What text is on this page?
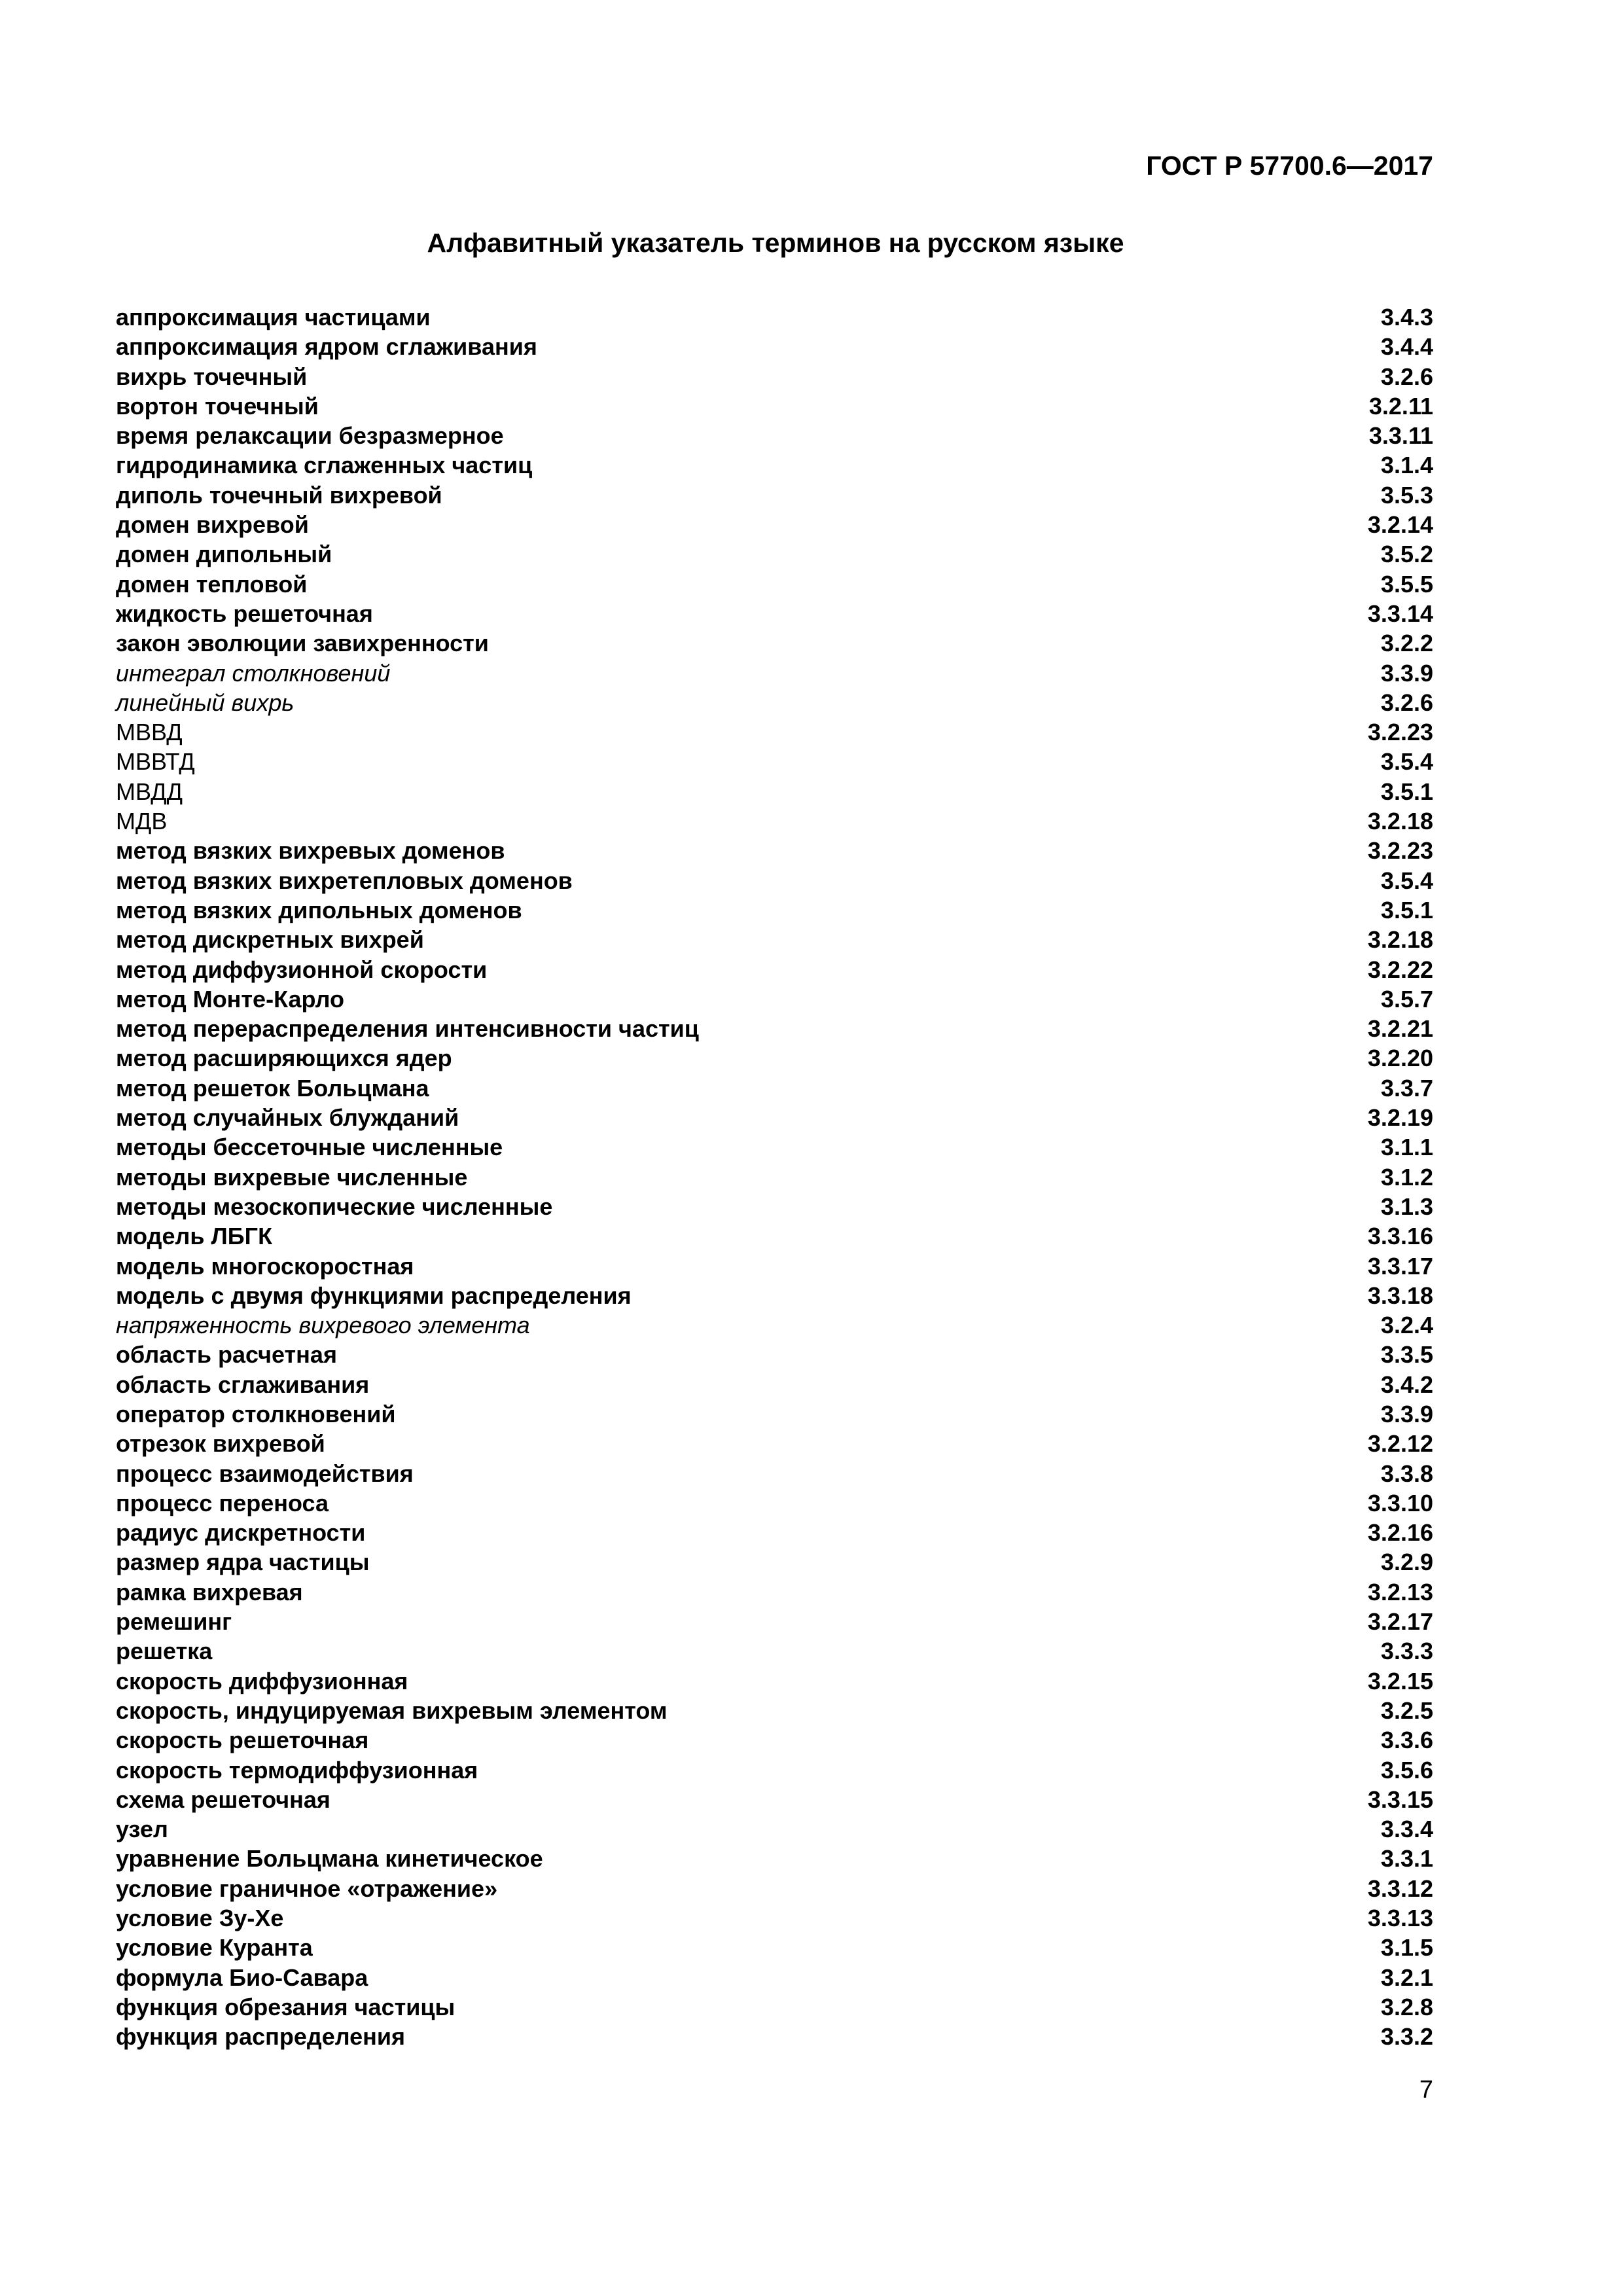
ГОСТ Р 57700.6—2017
Алфавитный указатель терминов на русском языке
аппроксимация частицами	3.4.3
аппроксимация ядром сглаживания	3.4.4
вихрь точечный	3.2.6
вортон точечный	3.2.11
время релаксации безразмерное	3.3.11
гидродинамика сглаженных частиц	3.1.4
диполь точечный вихревой	3.5.3
домен вихревой	3.2.14
домен дипольный	3.5.2
домен тепловой	3.5.5
жидкость решеточная	3.3.14
закон эволюции завихренности	3.2.2
интеграл столкновений	3.3.9
линейный вихрь	3.2.6
МВВД	3.2.23
МВВТД	3.5.4
МВДД	3.5.1
МДВ	3.2.18
метод вязких вихревых доменов	3.2.23
метод вязких вихретепловых доменов	3.5.4
метод вязких дипольных доменов	3.5.1
метод дискретных вихрей	3.2.18
метод диффузионной скорости	3.2.22
метод Монте-Карло	3.5.7
метод перераспределения интенсивности частиц	3.2.21
метод расширяющихся ядер	3.2.20
метод решеток Больцмана	3.3.7
метод случайных блужданий	3.2.19
методы бессеточные численные	3.1.1
методы вихревые численные	3.1.2
методы мезоскопические численные	3.1.3
модель ЛБГК	3.3.16
модель многоскоростная	3.3.17
модель с двумя функциями распределения	3.3.18
напряженность вихревого элемента	3.2.4
область расчетная	3.3.5
область сглаживания	3.4.2
оператор столкновений	3.3.9
отрезок вихревой	3.2.12
процесс взаимодействия	3.3.8
процесс переноса	3.3.10
радиус дискретности	3.2.16
размер ядра частицы	3.2.9
рамка вихревая	3.2.13
ремешинг	3.2.17
решетка	3.3.3
скорость диффузионная	3.2.15
скорость, индуцируемая вихревым элементом	3.2.5
скорость решеточная	3.3.6
скорость термодиффузионная	3.5.6
схема решеточная	3.3.15
узел	3.3.4
уравнение Больцмана кинетическое	3.3.1
условие граничное «отражение»	3.3.12
условие Зу-Хе	3.3.13
условие Куранта	3.1.5
формула Био-Савара	3.2.1
функция обрезания частицы	3.2.8
функция распределения	3.3.2
7
